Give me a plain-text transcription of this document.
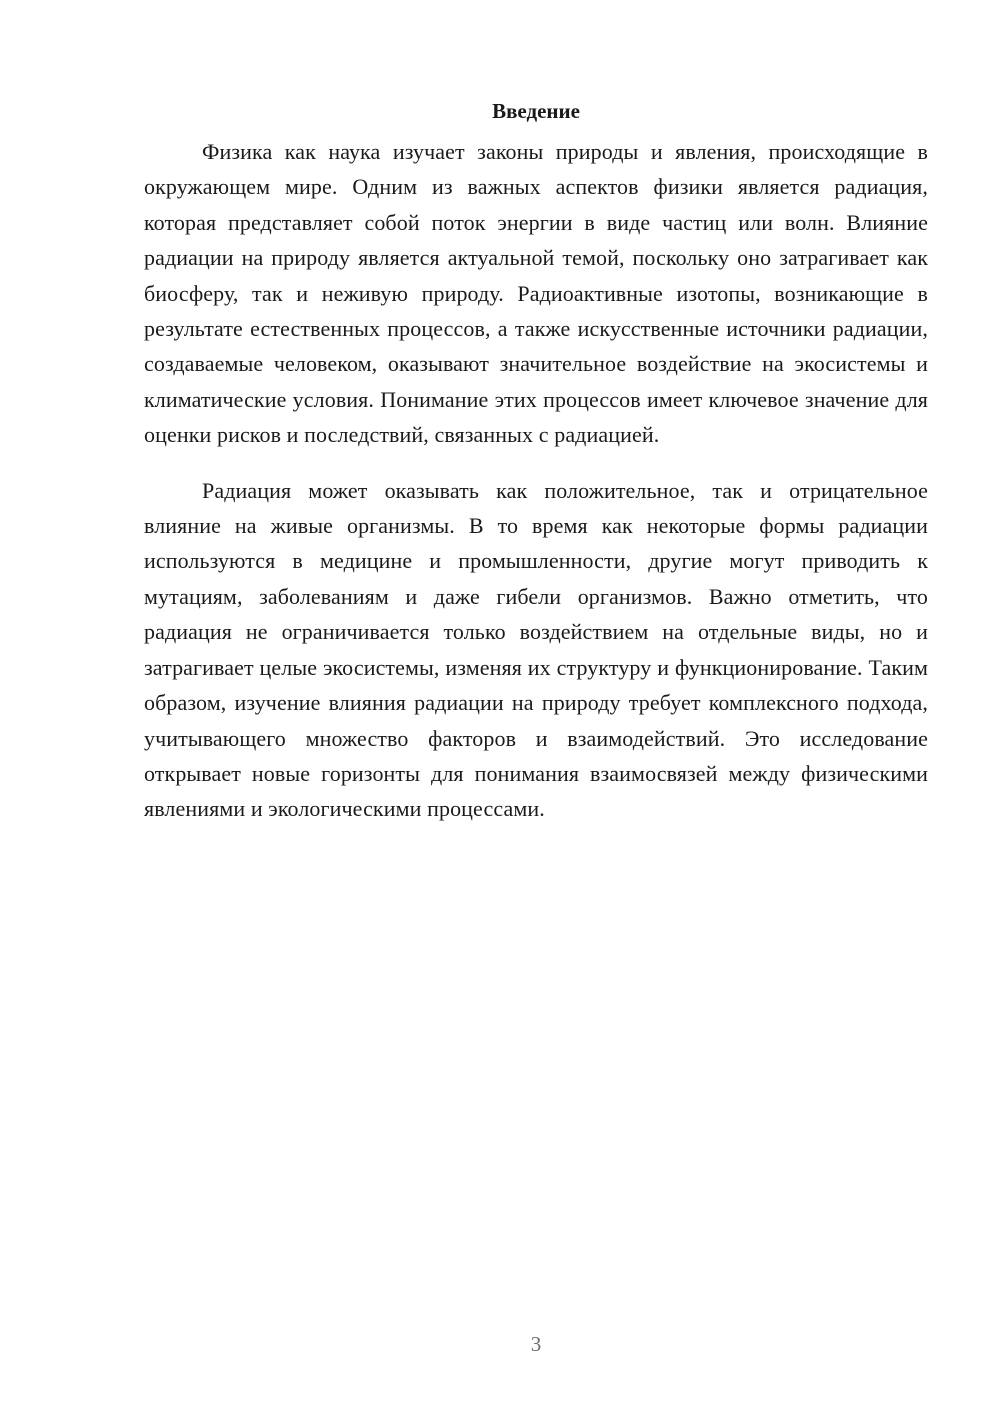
Введение

Физика как наука изучает законы природы и явления, происходящие в окружающем мире. Одним из важных аспектов физики является радиация, которая представляет собой поток энергии в виде частиц или волн. Влияние радиации на природу является актуальной темой, поскольку оно затрагивает как биосферу, так и неживую природу. Радиоактивные изотопы, возникающие в результате естественных процессов, а также искусственные источники радиации, создаваемые человеком, оказывают значительное воздействие на экосистемы и климатические условия. Понимание этих процессов имеет ключевое значение для оценки рисков и последствий, связанных с радиацией.

Радиация может оказывать как положительное, так и отрицательное влияние на живые организмы. В то время как некоторые формы радиации используются в медицине и промышленности, другие могут приводить к мутациям, заболеваниям и даже гибели организмов. Важно отметить, что радиация не ограничивается только воздействием на отдельные виды, но и затрагивает целые экосистемы, изменяя их структуру и функционирование. Таким образом, изучение влияния радиации на природу требует комплексного подхода, учитывающего множество факторов и взаимодействий. Это исследование открывает новые горизонты для понимания взаимосвязей между физическими явлениями и экологическими процессами.

3
